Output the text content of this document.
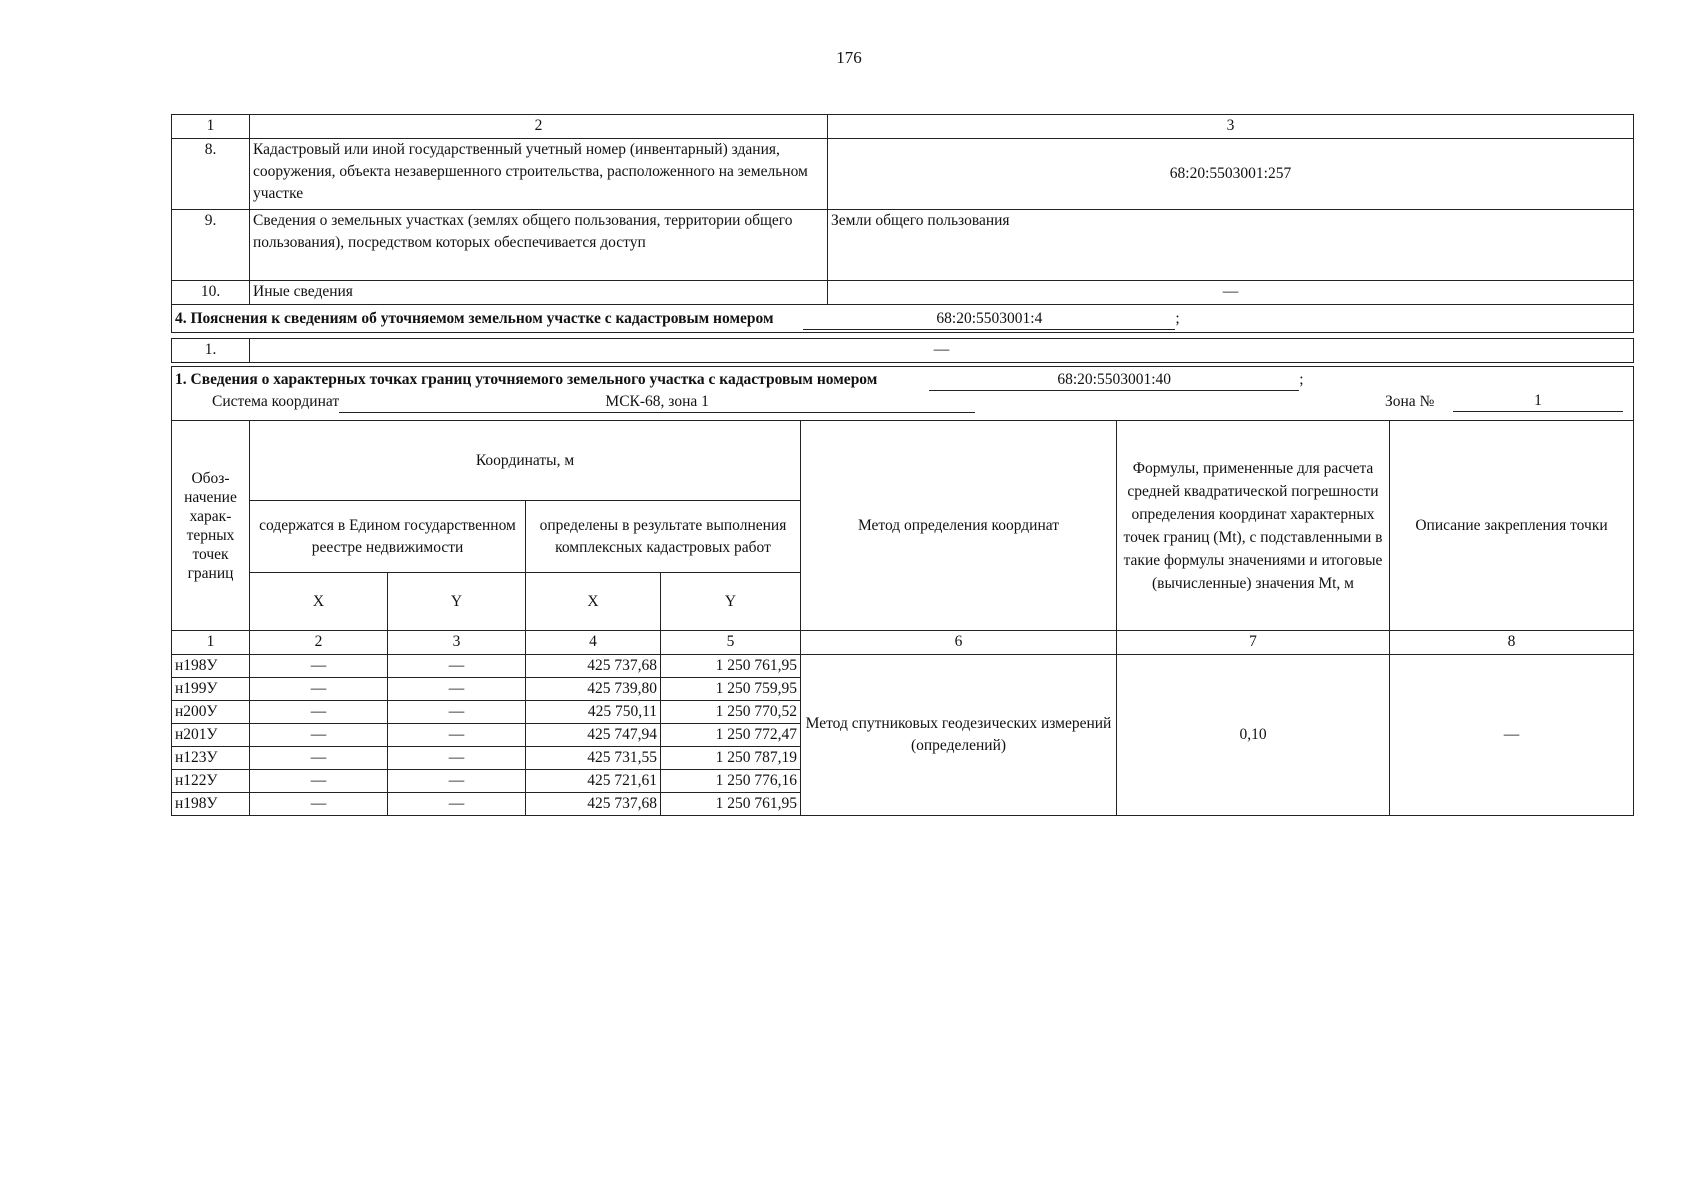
176
1	2	3
8.	Кадастровый или иной государственный учетный номер (инвентарный) здания, сооружения, объекта незавершенного строительства, расположенного на земельном участке	68:20:5503001:257
9.	Сведения о земельных участках (землях общего пользования, территории общего пользования), посредством которых обеспечивается доступ	Земли общего пользования
10.	Иные сведения	—
4. Пояснения к сведениям об уточняемом земельном участке с кадастровым номером 68:20:5503001:4 ;		
1.	—
1. Сведения о характерных точках границ уточняемого земельного участка с кадастровым номером 68:20:5503001:40 ;
Система координат МСК-68, зона 1 Зона № 1							

Обоз-начение харак-терных точек границ	Координаты, м				Метод определения координат	Формулы, примененные для расчета средней квадратической погрешности определения координат характерных точек границ (Mt), с подставленными в такие формулы значениями и итоговые (вычисленные) значения Mt, м	Описание закрепления точки
	содержатся в Едином государственном реестре недвижимости		определены в результате выполнения комплексных кадастровых работ				
	X	Y	X	Y			
1	2	3	4	5	6	7	8
н198У	—	—	425 737,68	1 250 761,95	Метод спутниковых геодезических измерений (определений)	0,10	—
н199У	—	—	425 739,80	1 250 759,95			
н200У	—	—	425 750,11	1 250 770,52			
н201У	—	—	425 747,94	1 250 772,47			
н123У	—	—	425 731,55	1 250 787,19			
н122У	—	—	425 721,61	1 250 776,16			
н198У	—	—	425 737,68	1 250 761,95			
